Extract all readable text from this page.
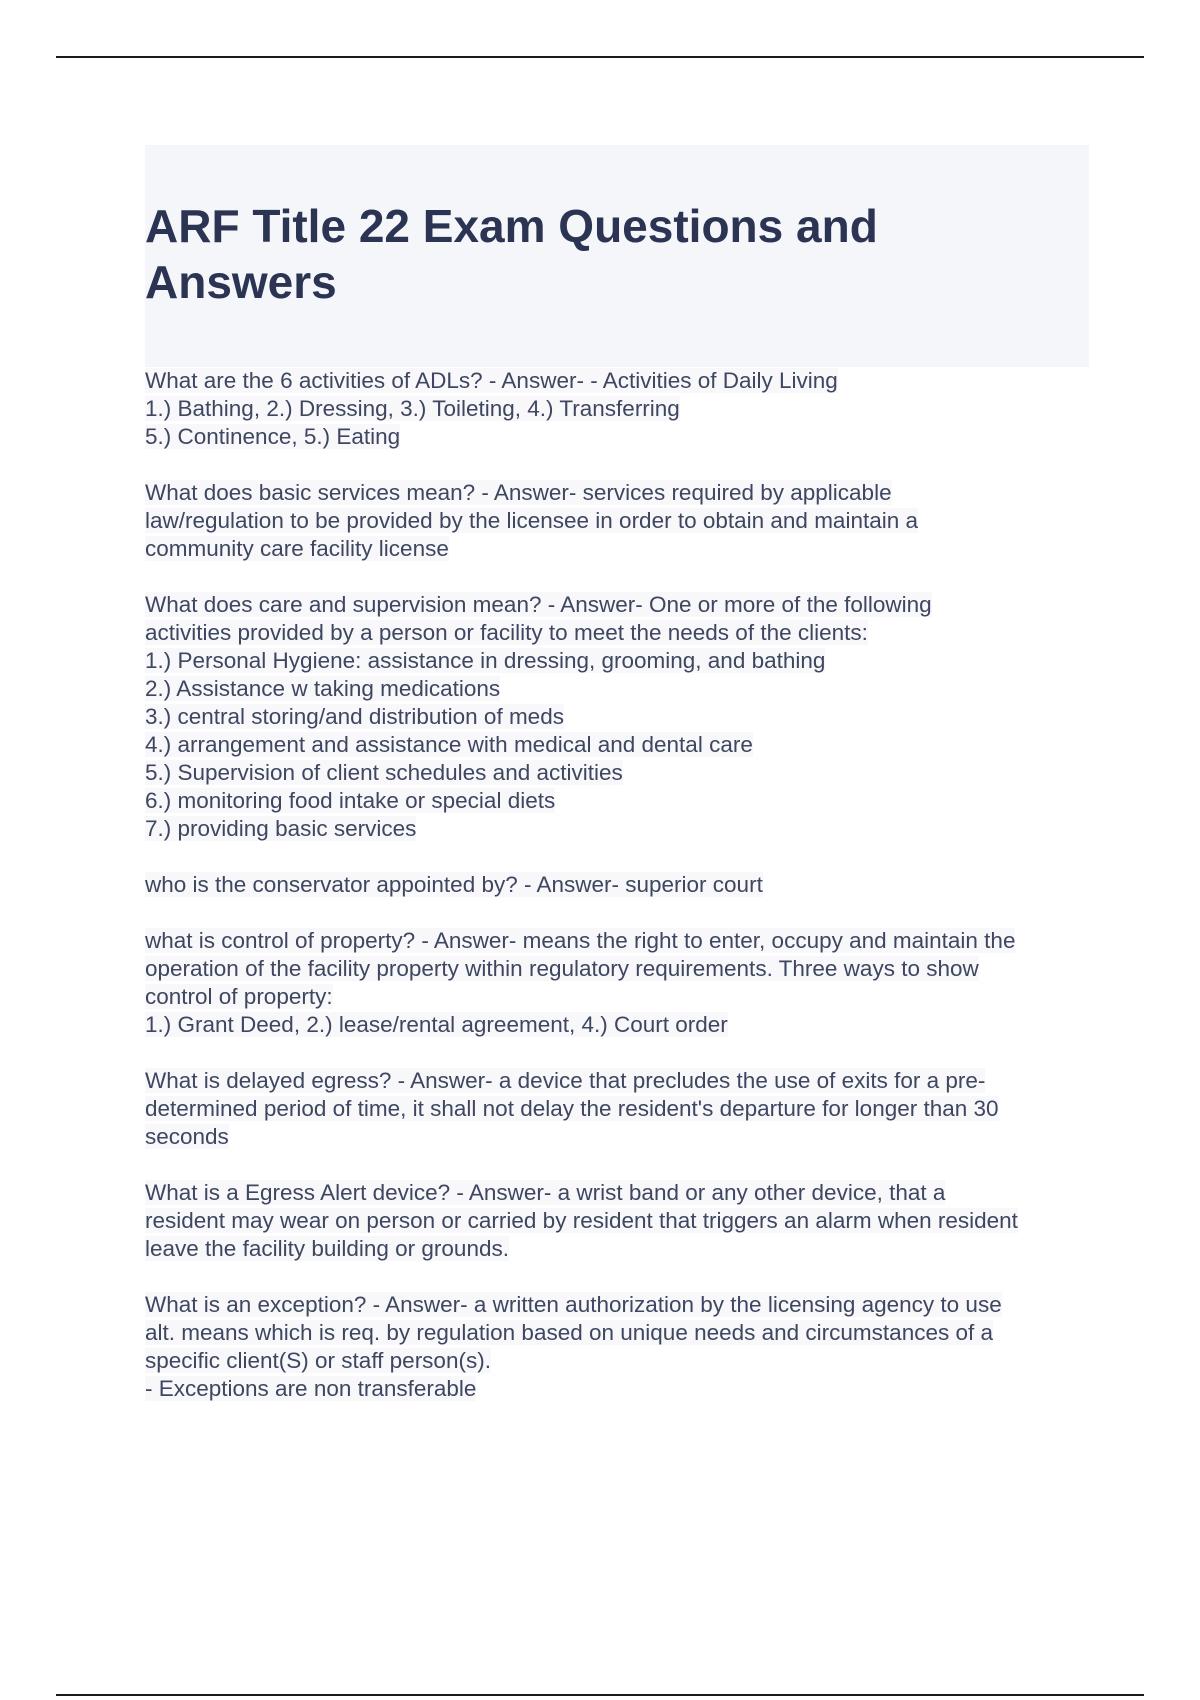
ARF Title 22 Exam Questions and
Answers

What are the 6 activities of ADLs? - Answer- - Activities of Daily Living
1.) Bathing, 2.) Dressing, 3.) Toileting, 4.) Transferring
5.) Continence, 5.) Eating

What does basic services mean? - Answer- services required by applicable
law/regulation to be provided by the licensee in order to obtain and maintain a
community care facility license

What does care and supervision mean? - Answer- One or more of the following
activities provided by a person or facility to meet the needs of the clients:
1.) Personal Hygiene: assistance in dressing, grooming, and bathing
2.) Assistance w taking medications
3.) central storing/and distribution of meds
4.) arrangement and assistance with medical and dental care
5.) Supervision of client schedules and activities
6.) monitoring food intake or special diets
7.) providing basic services

who is the conservator appointed by? - Answer- superior court

what is control of property? - Answer- means the right to enter, occupy and maintain the
operation of the facility property within regulatory requirements. Three ways to show
control of property:
1.) Grant Deed, 2.) lease/rental agreement, 4.) Court order

What is delayed egress? - Answer- a device that precludes the use of exits for a pre-
determined period of time, it shall not delay the resident's departure for longer than 30
seconds

What is a Egress Alert device? - Answer- a wrist band or any other device, that a
resident may wear on person or carried by resident that triggers an alarm when resident
leave the facility building or grounds.

What is an exception? - Answer- a written authorization by the licensing agency to use
alt. means which is req. by regulation based on unique needs and circumstances of a
specific client(S) or staff person(s).
- Exceptions are non transferable
